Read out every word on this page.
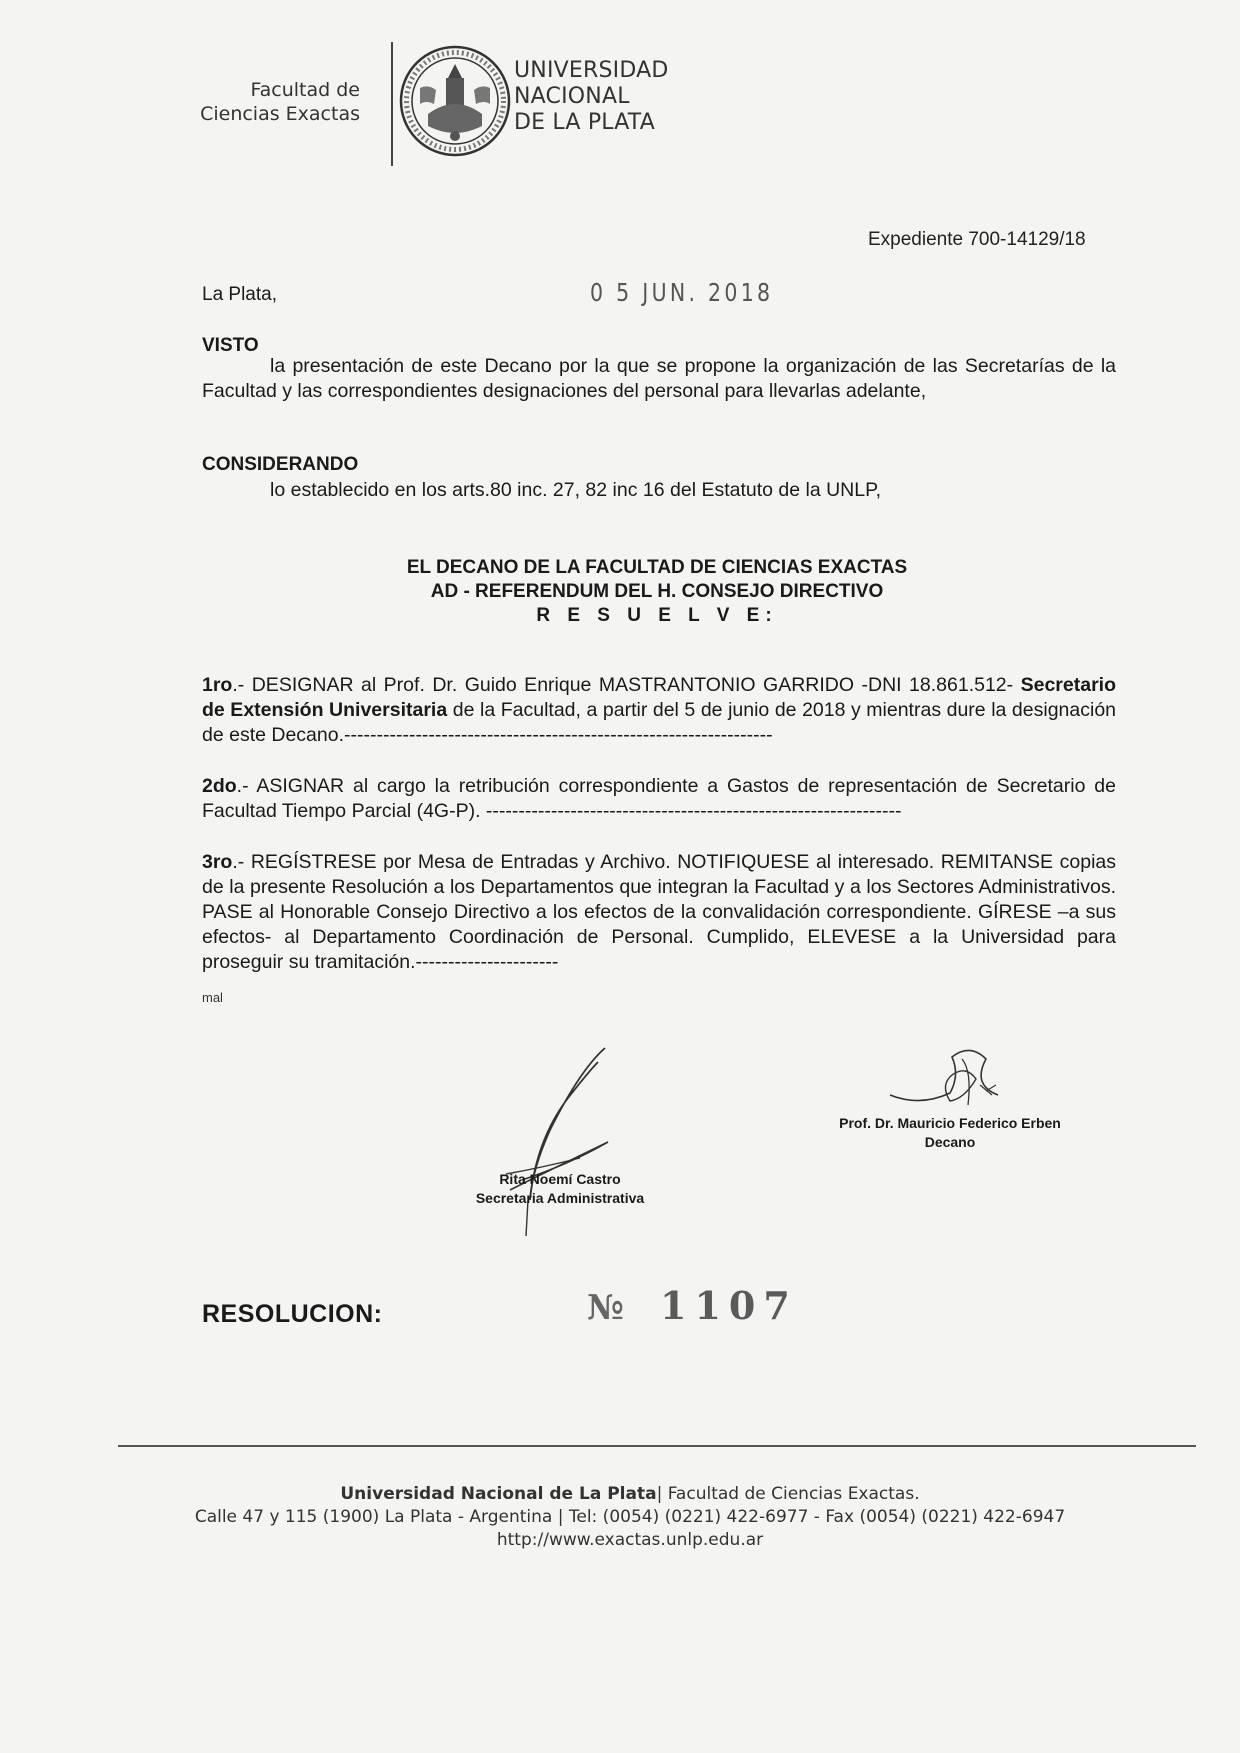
Facultad de
Ciencias Exactas
UNIVERSIDAD
NACIONAL
DE LA PLATA
Expediente 700-14129/18
La Plata,	0 5 JUN. 2018
VISTO
la presentación de este Decano por la que se propone la organización de las Secretarías de la Facultad y las correspondientes designaciones del personal para llevarlas adelante,
CONSIDERANDO
lo establecido en los arts.80 inc. 27, 82 inc 16 del Estatuto de la UNLP,
EL DECANO DE LA FACULTAD DE CIENCIAS EXACTAS
AD - REFERENDUM DEL H. CONSEJO DIRECTIVO
R E S U E L V E:
1ro.- DESIGNAR al Prof. Dr. Guido Enrique MASTRANTONIO GARRIDO -DNI 18.861.512- Secretario de Extensión Universitaria de la Facultad, a partir del 5 de junio de 2018 y mientras dure la designación de este Decano.------------------------------------------------------------------
2do.- ASIGNAR al cargo la retribución correspondiente a Gastos de representación de Secretario de Facultad Tiempo Parcial (4G-P). ----------------------------------------------------------------
3ro.- REGÍSTRESE por Mesa de Entradas y Archivo. NOTIFIQUESE al interesado. REMITANSE copias de la presente Resolución a los Departamentos que integran la Facultad y a los Sectores Administrativos. PASE al Honorable Consejo Directivo a los efectos de la convalidación correspondiente. GÍRESE –a sus efectos- al Departamento Coordinación de Personal. Cumplido, ELEVESE a la Universidad para proseguir su tramitación.----------------------
mal
Prof. Dr. Mauricio Federico Erben
Decano
Rita Noemí Castro
Secretaria Administrativa
RESOLUCION:	№ 1107
Universidad Nacional de La Plata| Facultad de Ciencias Exactas.
Calle 47 y 115 (1900) La Plata - Argentina | Tel: (0054) (0221) 422-6977 - Fax (0054) (0221) 422-6947
http://www.exactas.unlp.edu.ar
